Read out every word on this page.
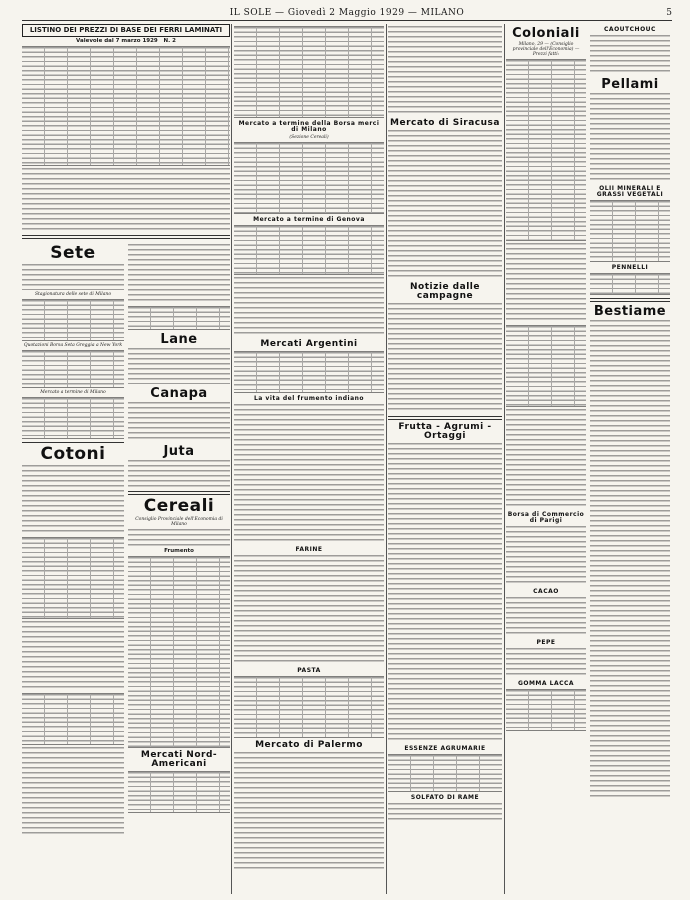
IL SOLE — Giovedì 2 Maggio 1929 — MILANO	5
LISTINO DEI PREZZI DI BASE DEI FERRI LAMINATI
Valevole dal 7 marzo 1929 N. 2
Sete
Stagionatura delle sete di Milano
Quotazioni Borsa Seta Greggia a New York
Mercato a termine di Milano
Cotoni
Lane
Canapa
Juta
Cereali
Consiglio Provinciale dell'Economia di Milano
Frumento
Mercati Nord-Americani
Mercato a termine della Borsa merci di Milano
(Sezione Cereali)
Mercato a termine di Genova
Mercati Argentini
La vita del frumento indiano
FARINE
PASTA
Mercato di Palermo
Mercato di Siracusa
Notizie dalle campagne
Frutta - Agrumi - Ortaggi
ESSENZE AGRUMARIE
SOLFATO DI RAME
Coloniali
Milano, 29 — (Consiglio provinciale dell'Economia) — Prezzi fatti:
Borsa di Commercio di Parigi
CACAO
PEPE
GOMMA LACCA
CAOUTCHOUC
Pellami
OLII MINERALI E GRASSI VEGETALI
PENNELLI
Bestiame
